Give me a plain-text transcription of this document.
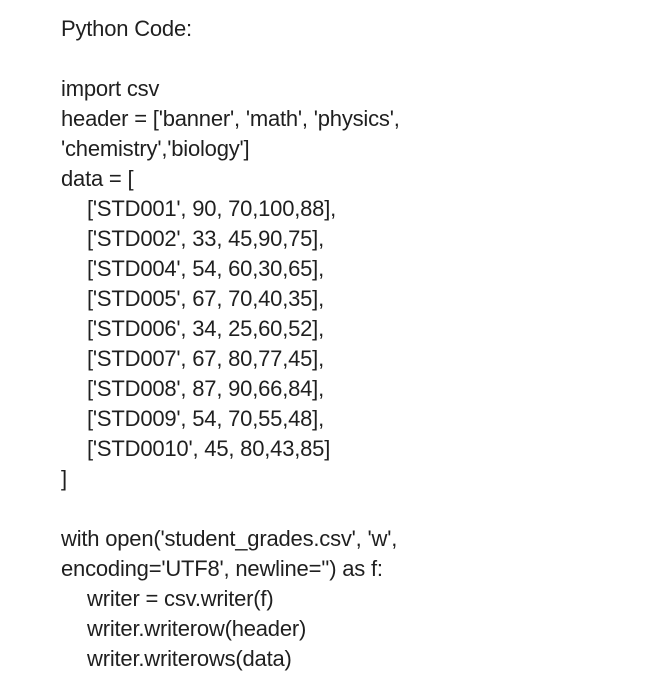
Python Code:
import csv
header = ['banner', 'math', 'physics',
'chemistry','biology']
data = [
['STD001', 90, 70,100,88],
['STD002', 33, 45,90,75],
['STD004', 54, 60,30,65],
['STD005', 67, 70,40,35],
['STD006', 34, 25,60,52],
['STD007', 67, 80,77,45],
['STD008', 87, 90,66,84],
['STD009', 54, 70,55,48],
['STD0010', 45, 80,43,85]
]
with open('student_grades.csv', 'w',
encoding='UTF8', newline='') as f:
writer = csv.writer(f)
writer.writerow(header)
writer.writerows(data)
